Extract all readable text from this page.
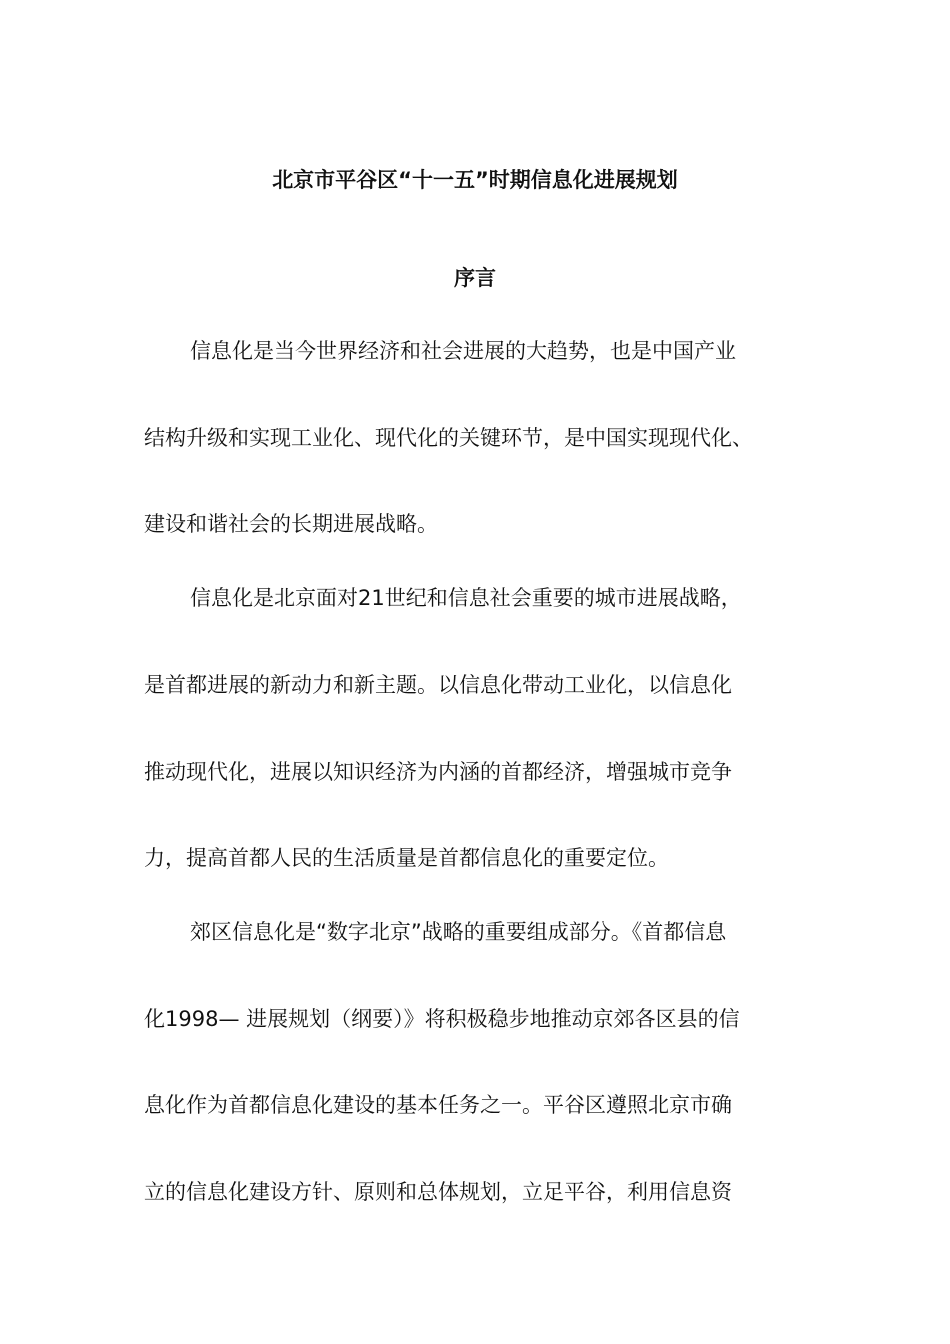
北京市平谷区“十一五”时期信息化进展规划
序言

信息化是当今世界经济和社会进展的大趋势，也是中国产业

结构升级和实现工业化、现代化的关键环节，是中国实现现代化、

建设和谐社会的长期进展战略。

信息化是北京面对21世纪和信息社会重要的城市进展战略，

是首都进展的新动力和新主题。以信息化带动工业化，以信息化

推动现代化，进展以知识经济为内涵的首都经济，增强城市竞争

力，提高首都人民的生活质量是首都信息化的重要定位。

郊区信息化是“数字北京”战略的重要组成部分。《首都信息

化1998— 进展规划（纲要）》将积极稳步地推动京郊各区县的信

息化作为首都信息化建设的基本任务之一。平谷区遵照北京市确

立的信息化建设方针、原则和总体规划，立足平谷，利用信息资
